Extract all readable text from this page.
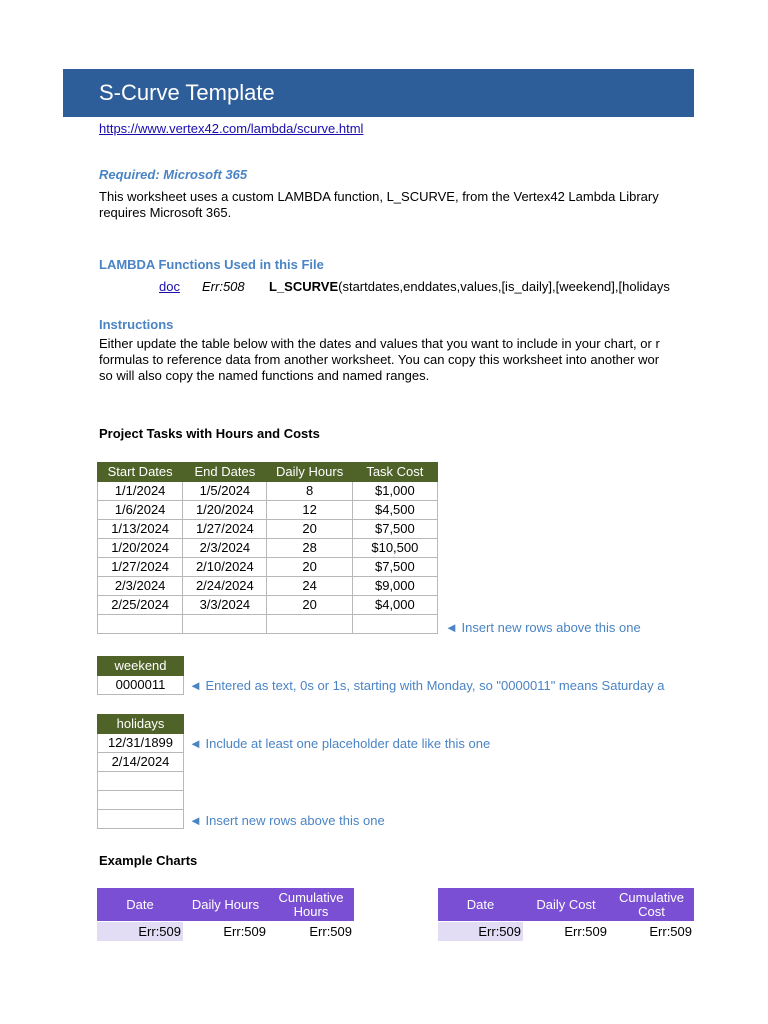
S-Curve Template
https://www.vertex42.com/lambda/scurve.html
Required: Microsoft 365
This worksheet uses a custom LAMBDA function, L_SCURVE, from the Vertex42 Lambda Library
requires Microsoft 365.
LAMBDA Functions Used in this File
doc Err:508 L_SCURVE(startdates,enddates,values,[is_daily],[weekend],[holidays
Instructions
Either update the table below with the dates and values that you want to include in your chart, or r
formulas to reference data from another worksheet. You can copy this worksheet into another wor
so will also copy the named functions and named ranges.
Project Tasks with Hours and Costs
Start Dates	End Dates	Daily Hours	Task Cost
1/1/2024	1/5/2024	8	$1,000
1/6/2024	1/20/2024	12	$4,500
1/13/2024	1/27/2024	20	$7,500
1/20/2024	2/3/2024	28	$10,500
1/27/2024	2/10/2024	20	$7,500
2/3/2024	2/24/2024	24	$9,000
2/25/2024	3/3/2024	20	$4,000

◄ Insert new rows above this one
weekend
0000011 ◄ Entered as text, 0s or 1s, starting with Monday, so "0000011" means Saturday a
holidays
12/31/1899
2/14/2024

◄ Include at least one placeholder date like this one
◄ Insert new rows above this one
Example Charts
Date	Daily Hours	Cumulative
Hours
Err:509	Err:509	Err:509
Date	Daily Cost	Cumulative
Cost
Err:509	Err:509	Err:509
